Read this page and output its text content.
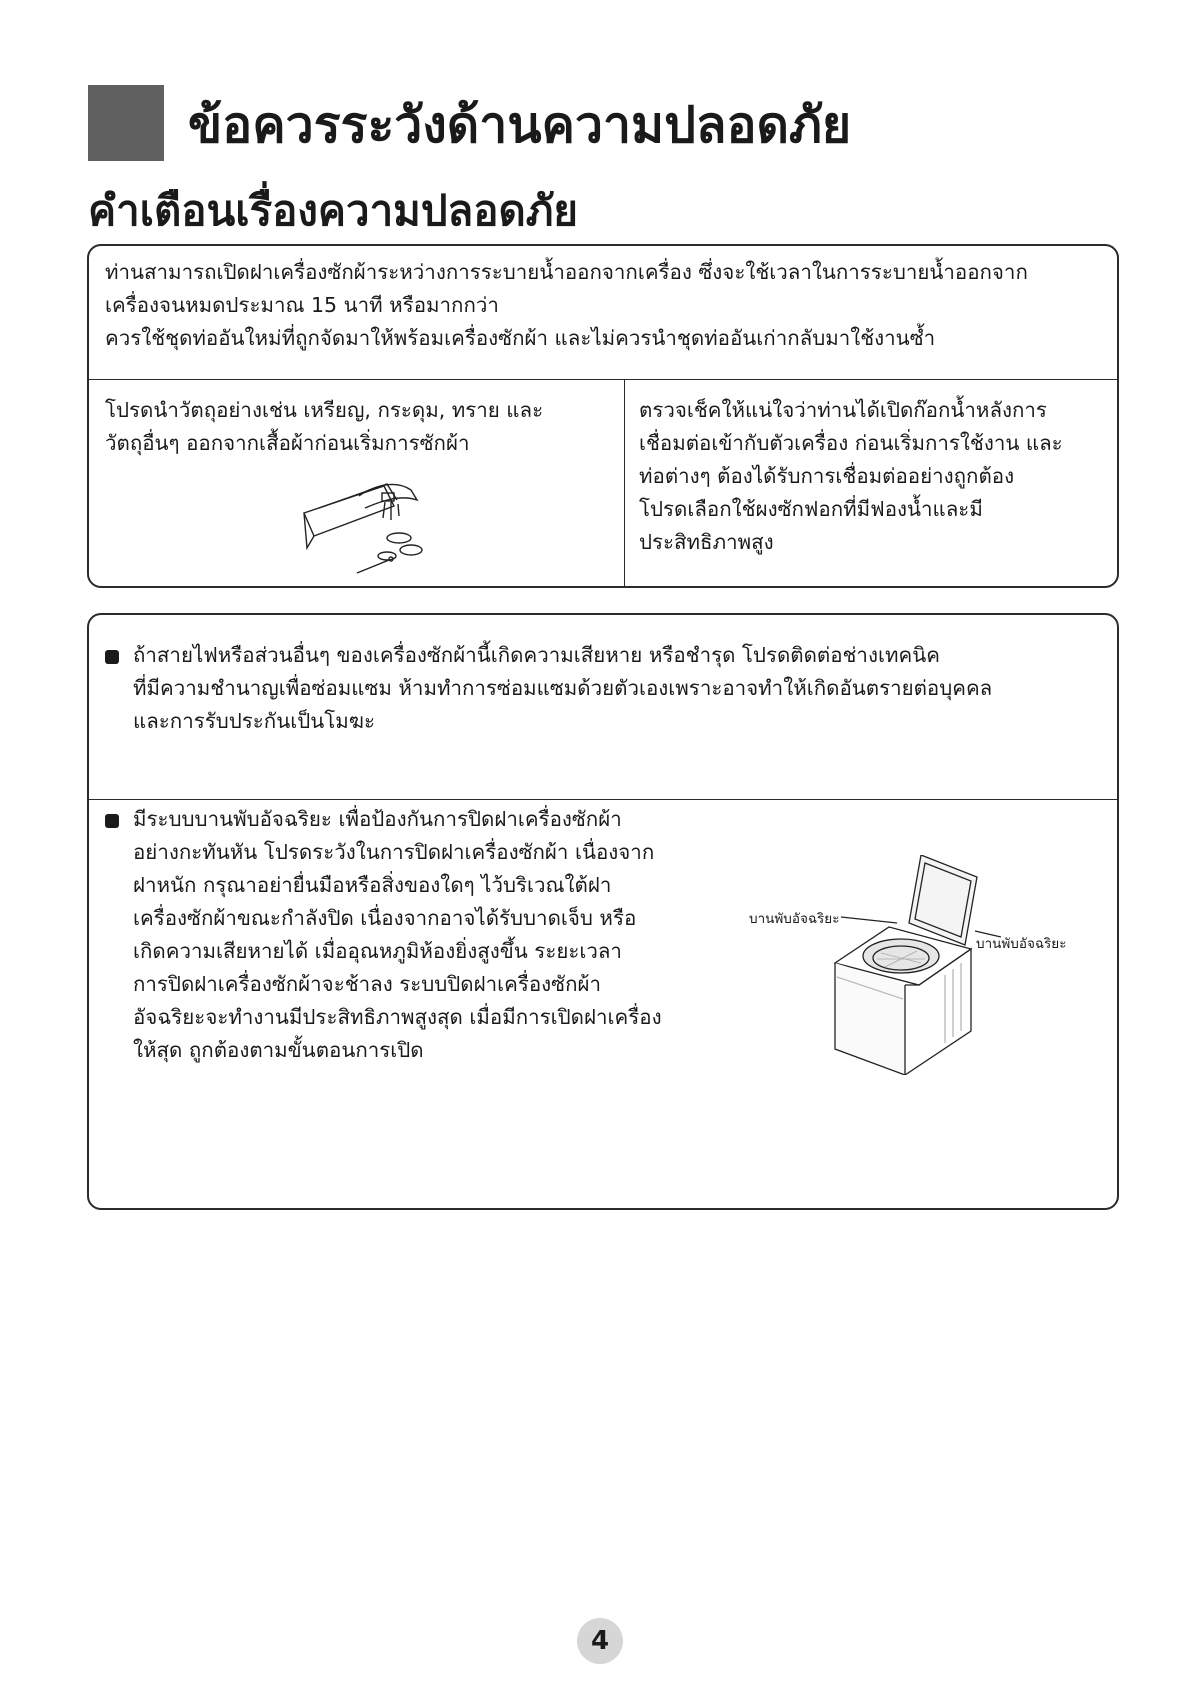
ข้อควรระวังด้านความปลอดภัย
คำเตือนเรื่องความปลอดภัย
ท่านสามารถเปิดฝาเครื่องซักผ้าระหว่างการระบายน้ำออกจากเครื่อง ซึ่งจะใช้เวลาในการระบายน้ำออกจาก
เครื่องจนหมดประมาณ 15 นาที หรือมากกว่า
ควรใช้ชุดท่ออันใหม่ที่ถูกจัดมาให้พร้อมเครื่องซักผ้า และไม่ควรนำชุดท่ออันเก่ากลับมาใช้งานซ้ำ
โปรดนำวัตถุอย่างเช่น เหรียญ, กระดุม, ทราย และ
วัตถุอื่นๆ ออกจากเสื้อผ้าก่อนเริ่มการซักผ้า
ตรวจเช็คให้แน่ใจว่าท่านได้เปิดก๊อกน้ำหลังการ
เชื่อมต่อเข้ากับตัวเครื่อง ก่อนเริ่มการใช้งาน และ
ท่อต่างๆ ต้องได้รับการเชื่อมต่ออย่างถูกต้อง
โปรดเลือกใช้ผงซักฟอกที่มีฟองน้ำและมี
ประสิทธิภาพสูง
ถ้าสายไฟหรือส่วนอื่นๆ ของเครื่องซักผ้านี้เกิดความเสียหาย หรือชำรุด โปรดติดต่อช่างเทคนิค
ที่มีความชำนาญเพื่อซ่อมแซม ห้ามทำการซ่อมแซมด้วยตัวเองเพราะอาจทำให้เกิดอันตรายต่อบุคคล
และการรับประกันเป็นโมฆะ
มีระบบบานพับอัจฉริยะ เพื่อป้องกันการปิดฝาเครื่องซักผ้า
อย่างกะทันหัน โปรดระวังในการปิดฝาเครื่องซักผ้า เนื่องจาก
ฝาหนัก กรุณาอย่ายื่นมือหรือสิ่งของใดๆ ไว้บริเวณใต้ฝา
เครื่องซักผ้าขณะกำลังปิด เนื่องจากอาจได้รับบาดเจ็บ หรือ
เกิดความเสียหายได้ เมื่ออุณหภูมิห้องยิ่งสูงขึ้น ระยะเวลา
การปิดฝาเครื่องซักผ้าจะช้าลง ระบบปิดฝาเครื่องซักผ้า
อัจฉริยะจะทำงานมีประสิทธิภาพสูงสุด เมื่อมีการเปิดฝาเครื่อง
ให้สุด ถูกต้องตามขั้นตอนการเปิด
บานพับอัจฉริยะ
บานพับอัจฉริยะ
4
